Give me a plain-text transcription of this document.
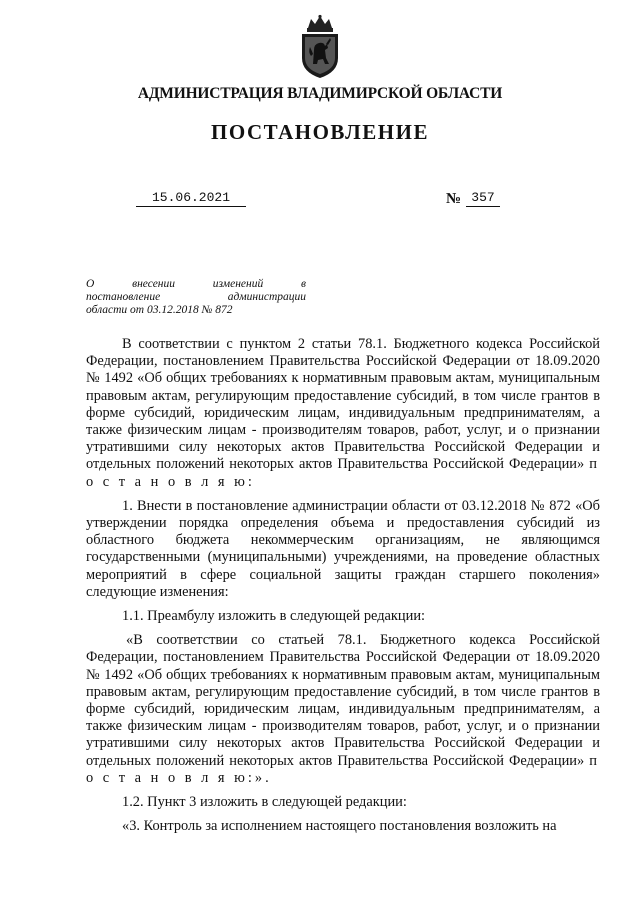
АДМИНИСТРАЦИЯ ВЛАДИМИРСКОЙ ОБЛАСТИ
ПОСТАНОВЛЕНИЕ
15.06.2021	№ 357
О внесении изменений в
постановление администрации
области от 03.12.2018 № 872

В соответствии с пунктом 2 статьи 78.1. Бюджетного кодекса Российской Федерации, постановлением Правительства Российской Федерации от 18.09.2020 № 1492 «Об общих требованиях к нормативным правовым актам, муниципальным правовым актам, регулирующим предоставление субсидий, в том числе грантов в форме субсидий, юридическим лицам, индивидуальным предпринимателям, а также физическим лицам - производителям товаров, работ, услуг, и о признании утратившими силу некоторых актов Правительства Российской Федерации и отдельных положений некоторых актов Правительства Российской Федерации» п о с т а н о в л я ю:

1. Внести в постановление администрации области от 03.12.2018 № 872 «Об утверждении порядка определения объема и предоставления субсидий из областного бюджета некоммерческим организациям, не являющимся государственными (муниципальными) учреждениями, на проведение областных мероприятий в сфере социальной защиты граждан старшего поколения» следующие изменения:

1.1. Преамбулу изложить в следующей редакции:

«В соответствии со статьей 78.1. Бюджетного кодекса Российской Федерации, постановлением Правительства Российской Федерации от 18.09.2020 № 1492 «Об общих требованиях к нормативным правовым актам, муниципальным правовым актам, регулирующим предоставление субсидий, в том числе грантов в форме субсидий, юридическим лицам, индивидуальным предпринимателям, а также физическим лицам - производителям товаров, работ, услуг, и о признании утратившими силу некоторых актов Правительства Российской Федерации и отдельных положений некоторых актов Правительства Российской Федерации» п о с т а н о в л я ю:».

1.2. Пункт 3 изложить в следующей редакции:

«3. Контроль за исполнением настоящего постановления возложить на
